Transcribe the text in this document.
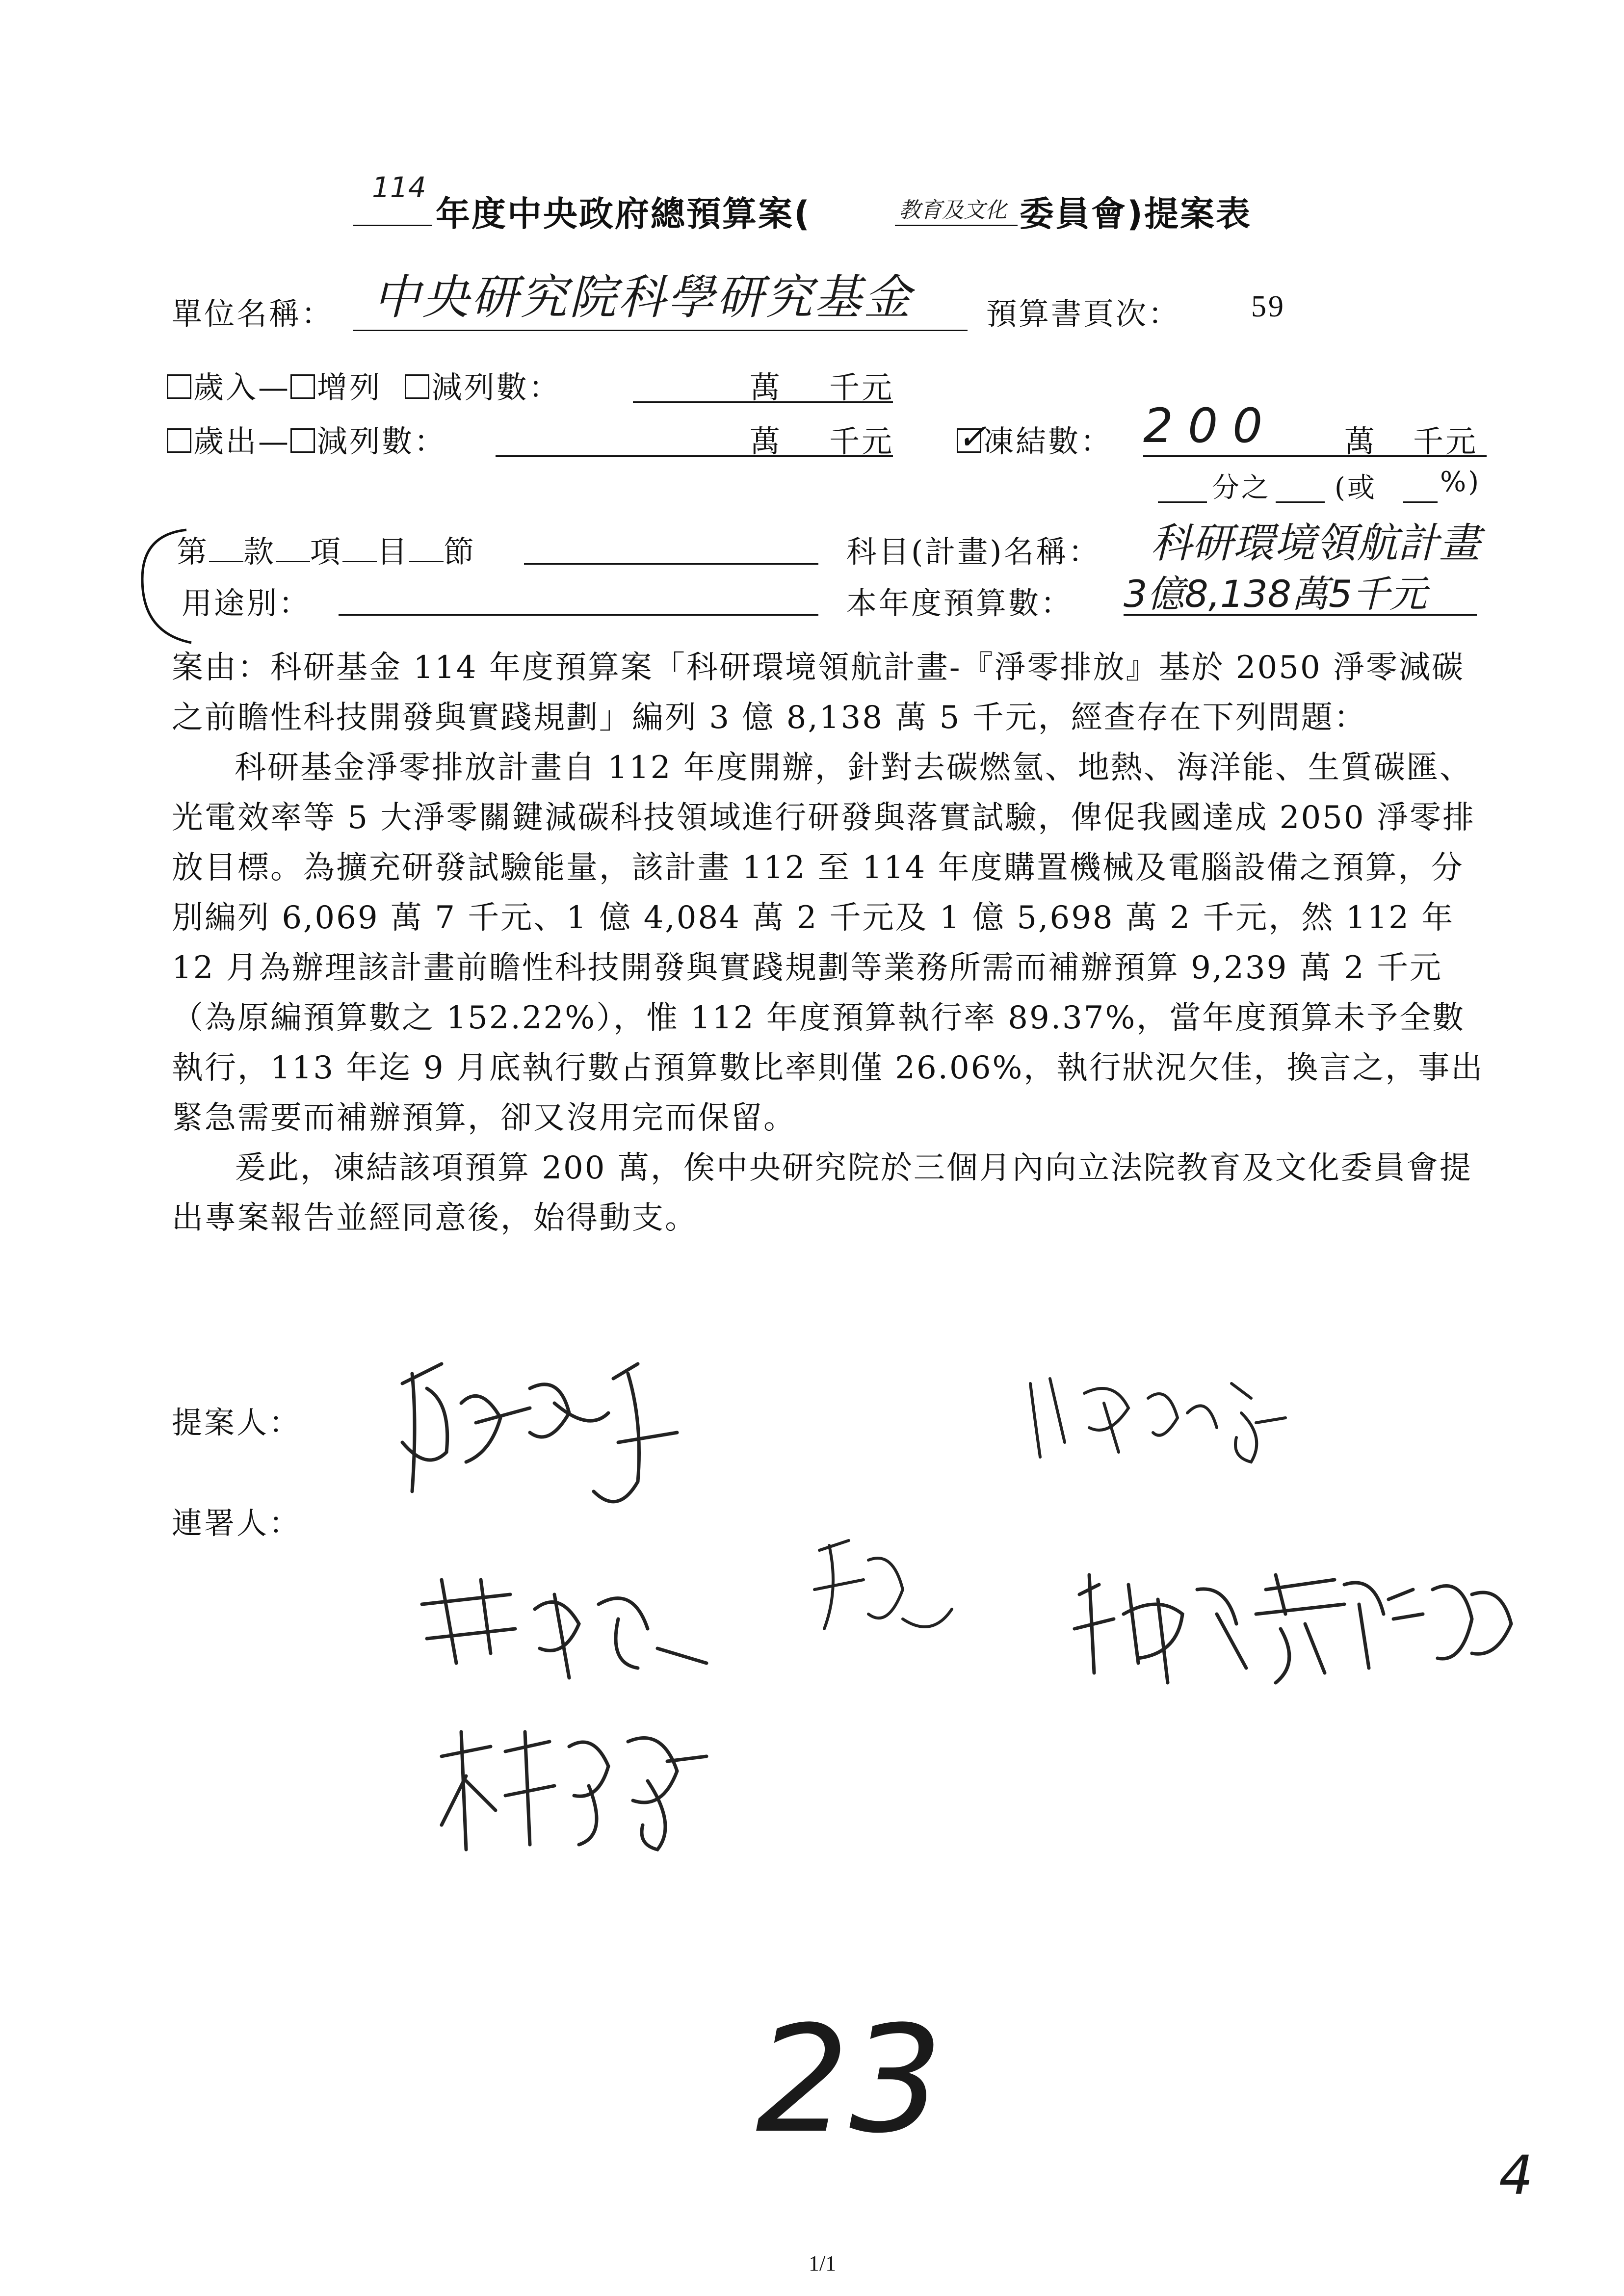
114
年度中央政府總預算案(	教育及文化 委員會)提案表
單位名稱： 中央研究院科學研究基金 預算書頁次： 59
歲入— 增列 減列數：	萬 千元
歲出— 減列數：	萬 千元
✓	凍結數： 200 萬 千元
分之 (或 %)
第 款 項 目 節	科目(計畫)名稱： 科研環境領航計畫
用途別：	本年度預算數： 3億8,138萬5千元

案由：科研基金 114 年度預算案「科研環境領航計畫-『淨零排放』基於 2050 淨零減碳之前瞻性科技開發與實踐規劃」編列 3 億 8,138 萬 5 千元，經查存在下列問題：

科研基金淨零排放計畫自 112 年度開辦，針對去碳燃氫、地熱、海洋能、生質碳匯、光電效率等 5 大淨零關鍵減碳科技領域進行研發與落實試驗，俾促我國達成 2050 淨零排放目標。為擴充研發試驗能量，該計畫 112 至 114 年度購置機械及電腦設備之預算，分別編列 6,069 萬 7 千元、1 億 4,084 萬 2 千元及 1 億 5,698 萬 2 千元，然 112 年 12 月為辦理該計畫前瞻性科技開發與實踐規劃等業務所需而補辦預算 9,239 萬 2 千元 （為原編預算數之 152.22%），惟 112 年度預算執行率 89.37%，當年度預算未予全數執行，113 年迄 9 月底執行數占預算數比率則僅 26.06%，執行狀況欠佳，換言之，事出緊急需要而補辦預算，卻又沒用完而保留。

爰此，凍結該項預算 200 萬，俟中央研究院於三個月內向立法院教育及文化委員會提出專案報告並經同意後，始得動支。

提案人：
連署人：
23
4
1/1
